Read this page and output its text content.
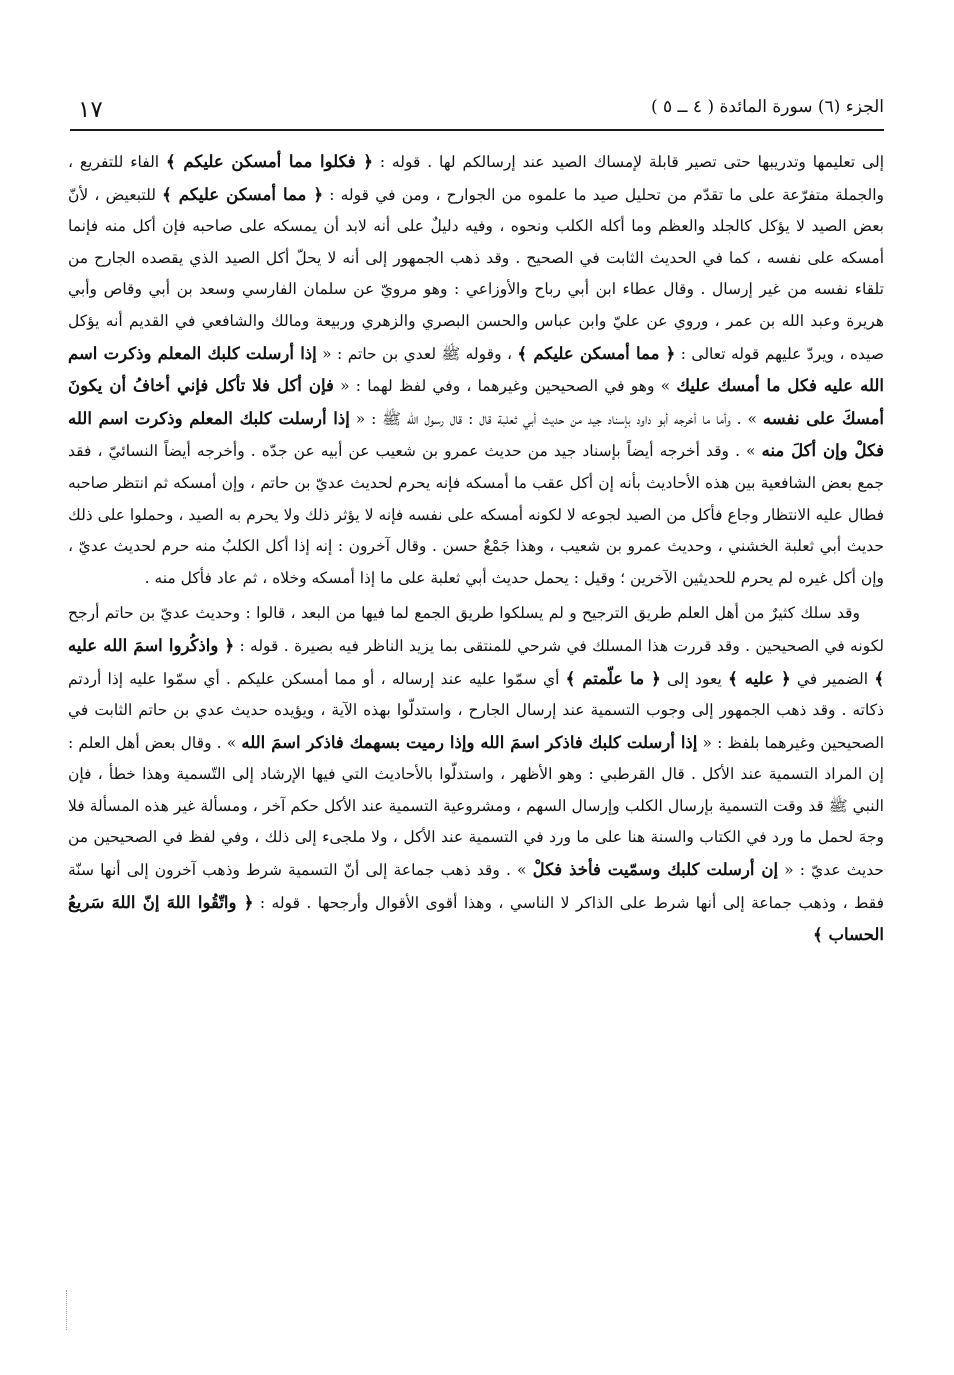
١٧	الجزء (٦) سورة المائدة ( ٤ ــ ٥ )

إلى تعليمها وتدريبها حتى تصير قابلة لإمساك الصيد عند إرسالكم لها . قوله : ﴿ فكلوا مما أمسكن عليكم ﴾ الفاء للتفريع ، والجملة متفرّعة على ما تقدّم من تحليل صيد ما علموه من الجوارح ، ومن في قوله : ﴿ مما أمسكن عليكم ﴾ للتبعيض ، لأنّ بعض الصيد لا يؤكل كالجلد والعظم وما أكله الكلب ونحوه ، وفيه دليلٌ على أنه لابد أن يمسكه على صاحبه فإن أكل منه فإنما أمسكه على نفسه ، كما في الحديث الثابت في الصحيح . وقد ذهب الجمهور إلى أنه لا يحلّ أكل الصيد الذي يقصده الجارح من تلقاء نفسه من غير إرسال . وقال عطاء ابن أبي رباح والأوزاعي : وهو مرويّ عن سلمان الفارسي وسعد بن أبي وقاص وأبي هريرة وعبد الله بن عمر ، وروي عن عليّ وابن عباس والحسن البصري والزهري وربيعة ومالك والشافعي في القديم أنه يؤكل صيده ، ويردّ عليهم قوله تعالى : ﴿ مما أمسكن عليكم ﴾ ، وقوله ﷺ لعدي بن حاتم : « إذا أرسلت كلبك المعلم وذكرت اسم الله عليه فكل ما أمسك عليك » وهو في الصحيحين وغيرهما ، وفي لفظ لهما : « فإن أكل فلا تأكل فإني أخافُ أن يكونَ أمسكَ على نفسه » . وأما ما أخرجه أبو داود بإسناد جيد من حديث أبي ثعلبة قال : قال رسول الله ﷺ : « إذا أرسلت كلبك المعلم وذكرت اسم الله فكلْ وإن أكلَ منه » . وقد أخرجه أيضاً بإسناد جيد من حديث عمرو بن شعيب عن أبيه عن جدّه . وأخرجه أيضاً النسائيّ ، فقد جمع بعض الشافعية بين هذه الأحاديث بأنه إن أكل عقب ما أمسكه فإنه يحرم لحديث عديّ بن حاتم ، وإن أمسكه ثم انتظر صاحبه فطال عليه الانتظار وجاع فأكل من الصيد لجوعه لا لكونه أمسكه على نفسه فإنه لا يؤثر ذلك ولا يحرم به الصيد ، وحملوا على ذلك حديث أبي ثعلبة الخشني ، وحديث عمرو بن شعيب ، وهذا جَمْعٌ حسن . وقال آخرون : إنه إذا أكل الكلبُ منه حرم لحديث عديّ ، وإن أكل غيره لم يحرم للحديثين الآخرين ؛ وقيل : يحمل حديث أبي ثعلبة على ما إذا أمسكه وخلاه ، ثم عاد فأكل منه .

وقد سلك كثيرٌ من أهل العلم طريق الترجيح و لم يسلكوا طريق الجمع لما فيها من البعد ، قالوا : وحديث عديّ بن حاتم أرجح لكونه في الصحيحين . وقد قررت هذا المسلك في شرحي للمنتقى بما يزيد الناظر فيه بصيرة . قوله : ﴿ واذكُروا اسمَ الله عليه ﴾ الضمير في ﴿ عليه ﴾ يعود إلى ﴿ ما علّمتم ﴾ أي سمّوا عليه عند إرساله ، أو مما أمسكن عليكم . أي سمّوا عليه إذا أردتم ذكاته . وقد ذهب الجمهور إلى وجوب التسمية عند إرسال الجارح ، واستدلّوا بهذه الآية ، ويؤيده حديث عدي بن حاتم الثابت في الصحيحين وغيرهما بلفظ : « إذا أرسلت كلبك فاذكر اسمَ الله وإذا رميت بسهمك فاذكر اسمَ الله » . وقال بعض أهل العلم : إن المراد التسمية عند الأكل . قال القرطبي : وهو الأظهر ، واستدلّوا بالأحاديث التي فيها الإرشاد إلى التّسمية وهذا خطأ ، فإن النبي ﷺ قد وقت التسمية بإرسال الكلب وإرسال السهم ، ومشروعية التسمية عند الأكل حكم آخر ، ومسألة غير هذه المسألة فلا وجهَ لحمل ما ورد في الكتاب والسنة هنا على ما ورد في التسمية عند الأكل ، ولا ملجىء إلى ذلك ، وفي لفظ في الصحيحين من حديث عديّ : « إن أرسلت كلبك وسمّيت فأخذ فكلْ » . وقد ذهب جماعة إلى أنّ التسمية شرط وذهب آخرون إلى أنها سنّة فقط ، وذهب جماعة إلى أنها شرط على الذاكر لا الناسي ، وهذا أقوى الأقوال وأرجحها . قوله : ﴿ واتّقُوا اللهَ إنّ اللهَ سَريعُ الحساب ﴾
